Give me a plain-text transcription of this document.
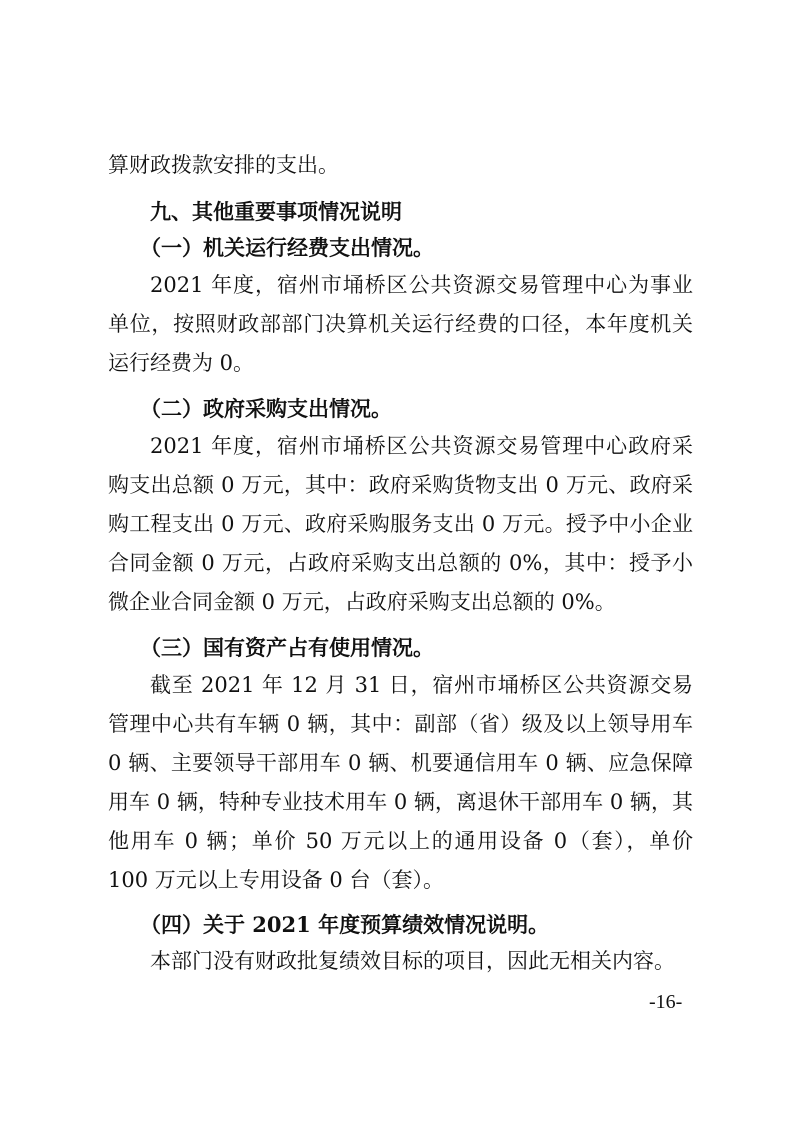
算财政拨款安排的支出。

九、其他重要事项情况说明
（一）机关运行经费支出情况。

2021 年度，宿州市埇桥区公共资源交易管理中心为事业单位，按照财政部部门决算机关运行经费的口径，本年度机关运行经费为 0。

（二）政府采购支出情况。

2021 年度，宿州市埇桥区公共资源交易管理中心政府采购支出总额 0 万元，其中：政府采购货物支出 0 万元、政府采购工程支出 0 万元、政府采购服务支出 0 万元。授予中小企业合同金额 0 万元，占政府采购支出总额的 0%，其中：授予小微企业合同金额 0 万元，占政府采购支出总额的 0%。

（三）国有资产占有使用情况。

截至 2021 年 12 月 31 日，宿州市埇桥区公共资源交易管理中心共有车辆 0 辆，其中：副部（省）级及以上领导用车 0 辆、主要领导干部用车 0 辆、机要通信用车 0 辆、应急保障用车 0 辆，特种专业技术用车 0 辆，离退休干部用车 0 辆，其他用车 0 辆；单价 50 万元以上的通用设备 0（套），单价 100 万元以上专用设备 0 台（套）。

（四）关于 2021 年度预算绩效情况说明。

本部门没有财政批复绩效目标的项目，因此无相关内容。

-16-
